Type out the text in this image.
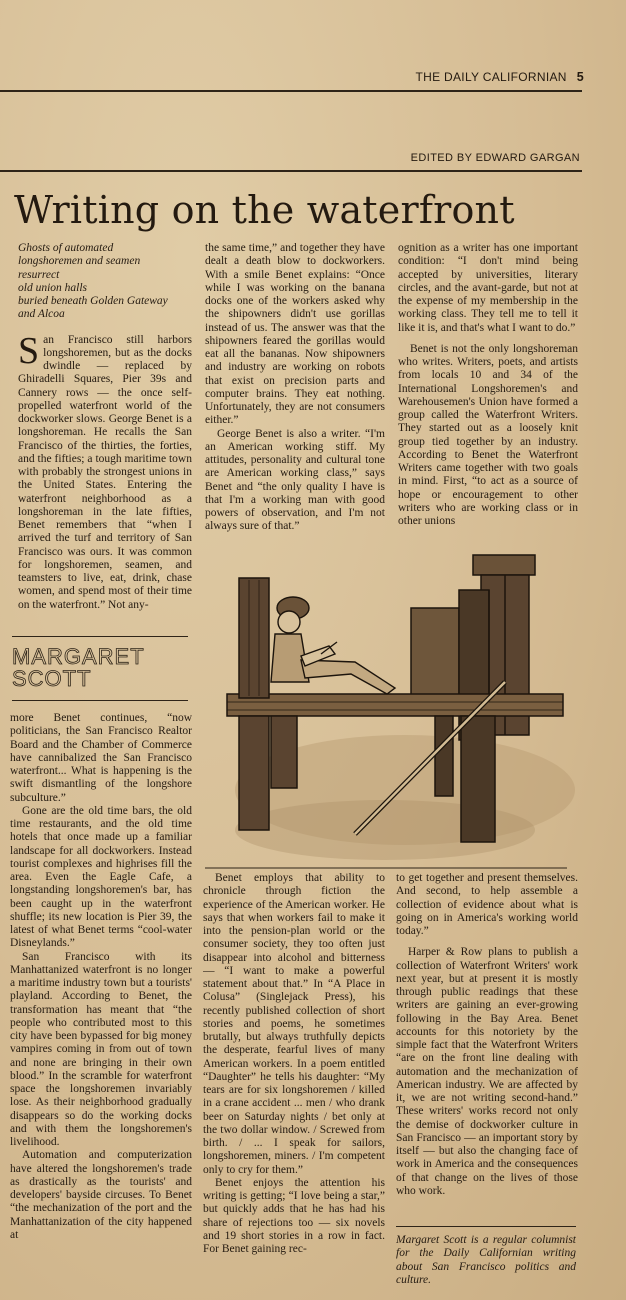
THE DAILY CALIFORNIAN 5
EDITED BY EDWARD GARGAN
Writing on the waterfront
Ghosts of automated
longshoremen and seamen
resurrect
old union halls
buried beneath Golden Gateway
and Alcoa

San Francisco still harbors longshoremen, but as the docks dwindle — replaced by Ghiradelli Squares, Pier 39s and Cannery rows — the once self-propelled waterfront world of the dockworker slows. George Benet is a longshoreman. He recalls the San Francisco of the thirties, the forties, and the fifties; a tough maritime town with probably the strongest unions in the United States. Entering the waterfront neighborhood as a longshoreman in the late fifties, Benet remembers that “when I arrived the turf and territory of San Francisco was ours. It was common for longshoremen, seamen, and teamsters to live, eat, drink, chase women, and spend most of their time on the waterfront.” Not any-

MARGARET
SCOTT

the same time,” and together they have dealt a death blow to dockworkers. With a smile Benet explains: “Once while I was working on the banana docks one of the workers asked why the shipowners didn't use gorillas instead of us. The answer was that the shipowners feared the gorillas would eat all the bananas. Now shipowners and industry are working on robots that exist on precision parts and computer brains. They eat nothing. Unfortunately, they are not consumers either.”

George Benet is also a writer. “I'm an American working stiff. My attitudes, personality and cultural tone are American working class,” says Benet and “the only quality I have is that I'm a working man with good powers of observation, and I'm not always sure of that.”

ognition as a writer has one important condition: “I don't mind being accepted by universities, literary circles, and the avant-garde, but not at the expense of my membership in the working class. They tell me to tell it like it is, and that's what I want to do.”

Benet is not the only longshoreman who writes. Writers, poets, and artists from locals 10 and 34 of the International Longshoremen's and Warehousemen's Union have formed a group called the Waterfront Writers. They started out as a loosely knit group tied together by an industry. According to Benet the Waterfront Writers came together with two goals in mind. First, “to act as a source of hope or encouragement to other writers who are working class or in other unions

more Benet continues, “now politicians, the San Francisco Realtor Board and the Chamber of Commerce have cannibalized the San Francisco waterfront... What is happening is the swift dismantling of the longshore subculture.”

Gone are the old time bars, the old time restaurants, and the old time hotels that once made up a familiar landscape for all dockworkers. Instead tourist complexes and highrises fill the area. Even the Eagle Cafe, a longstanding longshoremen's bar, has been caught up in the waterfront shuffle; its new location is Pier 39, the latest of what Benet terms “cool-water Disneylands.”

San Francisco with its Manhattanized waterfront is no longer a maritime industry town but a tourists' playland. According to Benet, the transformation has meant that “the people who contributed most to this city have been bypassed for big money vampires coming in from out of town and none are bringing in their own blood.” In the scramble for waterfront space the longshoremen invariably lose. As their neighborhood gradually disappears so do the working docks and with them the longshoremen's livelihood.

Automation and computerization have altered the longshoremen's trade as drastically as the tourists' and developers' bayside circuses. To Benet “the mechanization of the port and the Manhattanization of the city happened at

Benet employs that ability to chronicle through fiction the experience of the American worker. He says that when workers fail to make it into the pension-plan world or the consumer society, they too often just disappear into alcohol and bitterness — “I want to make a powerful statement about that.” In “A Place in Colusa” (Singlejack Press), his recently published collection of short stories and poems, he sometimes brutally, but always truthfully depicts the desperate, fearful lives of many American workers. In a poem entitled “Daughter” he tells his daughter: “My tears are for six longshoremen / killed in a crane accident ... men / who drank beer on Saturday nights / bet only at the two dollar window. / Screwed from birth. / ... I speak for sailors, longshoremen, miners. / I'm competent only to cry for them.”

Benet enjoys the attention his writing is getting; “I love being a star,” but quickly adds that he has had his share of rejections too — six novels and 19 short stories in a row in fact. For Benet gaining rec-

to get together and present themselves. And second, to help assemble a collection of evidence about what is going on in America's working world today.”

Harper & Row plans to publish a collection of Waterfront Writers' work next year, but at present it is mostly through public readings that these writers are gaining an ever-growing following in the Bay Area. Benet accounts for this notoriety by the simple fact that the Waterfront Writers “are on the front line dealing with automation and the mechanization of American industry. We are affected by it, we are not writing second-hand.” These writers' works record not only the demise of dockworker culture in San Francisco — an important story by itself — but also the changing face of work in America and the consequences of that change on the lives of those who work.

Margaret Scott is a regular columnist for the Daily Californian writing about San Francisco politics and culture.
